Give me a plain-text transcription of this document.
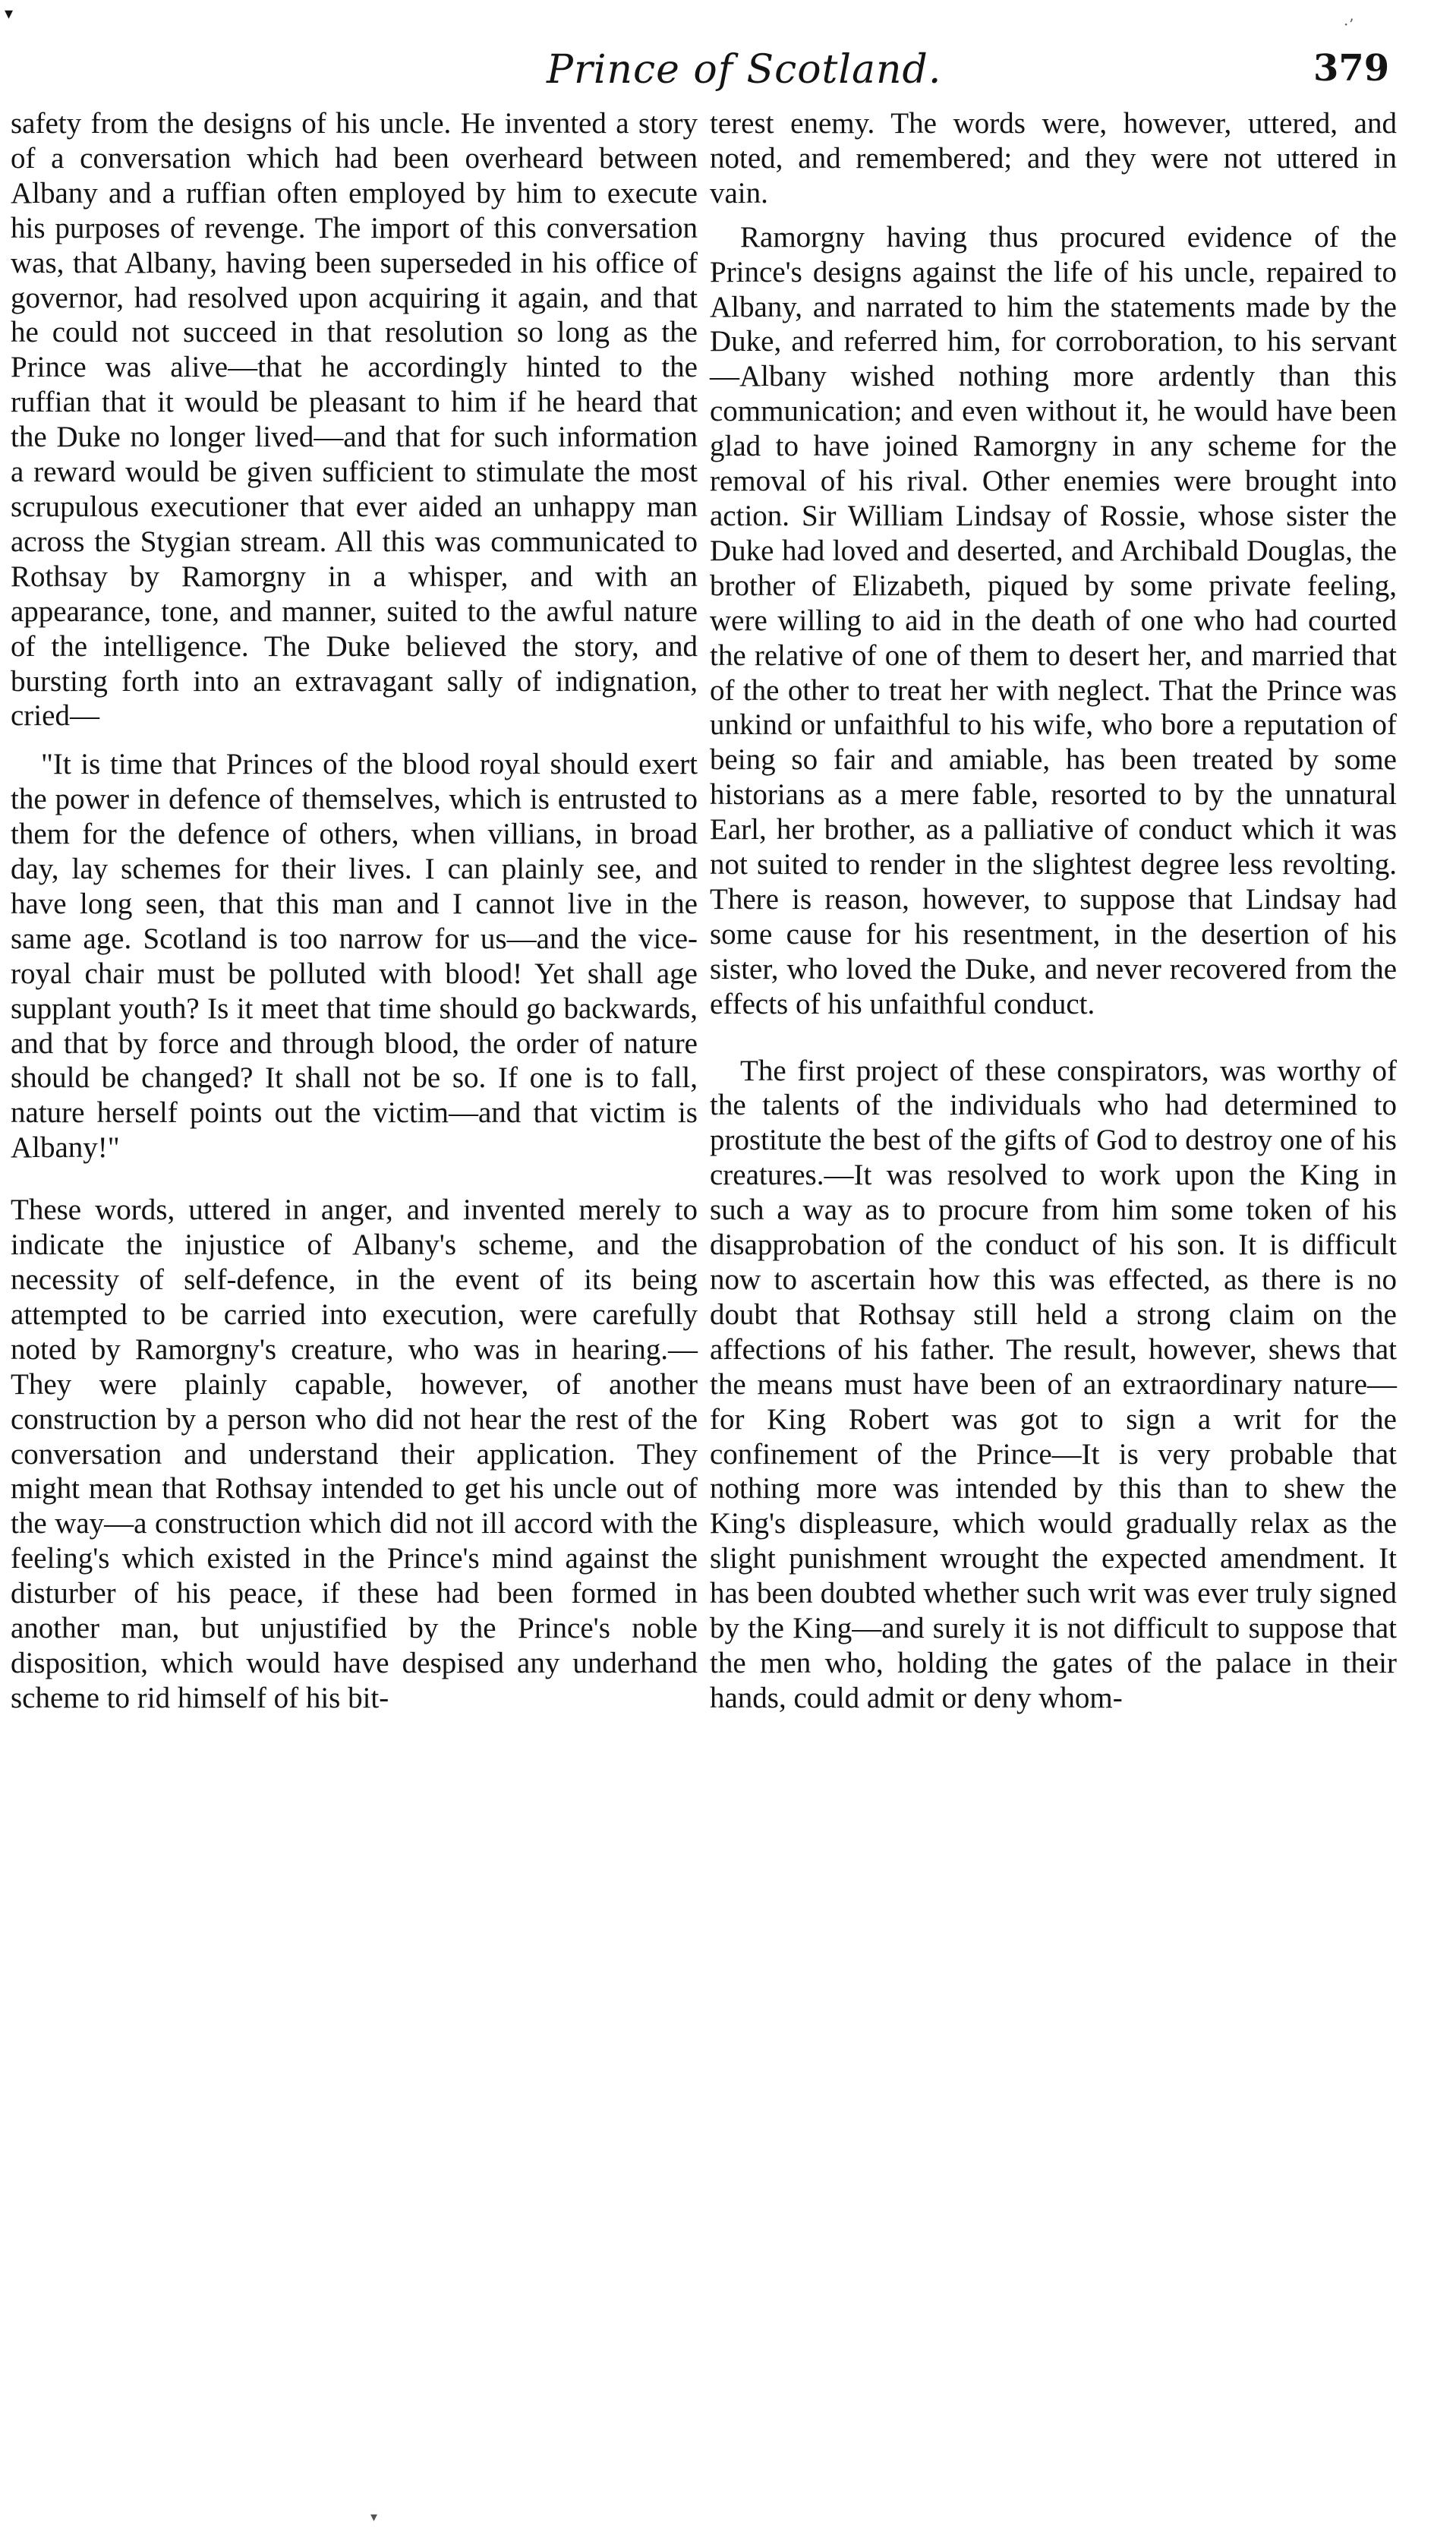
▾
·ʼ
Prince of Scotland.	379

safety from the designs of his uncle. He invented a story of a conversation which had been overheard between Albany and a ruffian often employed by him to execute his purposes of revenge. The import of this conversation was, that Albany, having been superseded in his office of governor, had resolved upon acquiring it again, and that he could not succeed in that resolution so long as the Prince was alive—that he accordingly hinted to the ruffian that it would be pleasant to him if he heard that the Duke no longer lived—and that for such information a reward would be given sufficient to stimulate the most scrupulous executioner that ever aided an unhappy man across the Stygian stream. All this was communicated to Rothsay by Ramorgny in a whisper, and with an appearance, tone, and manner, suited to the awful nature of the intelligence. The Duke believed the story, and bursting forth into an extravagant sally of indignation, cried—

"It is time that Princes of the blood royal should exert the power in defence of themselves, which is entrusted to them for the defence of others, when villians, in broad day, lay schemes for their lives. I can plainly see, and have long seen, that this man and I cannot live in the same age. Scotland is too narrow for us—and the vice-royal chair must be polluted with blood! Yet shall age supplant youth? Is it meet that time should go backwards, and that by force and through blood, the order of nature should be changed? It shall not be so. If one is to fall, nature herself points out the victim—and that victim is Albany!"

These words, uttered in anger, and invented merely to indicate the injustice of Albany's scheme, and the necessity of self-defence, in the event of its being attempted to be carried into execution, were carefully noted by Ramorgny's creature, who was in hearing.—They were plainly capable, however, of another construction by a person who did not hear the rest of the conversation and understand their application. They might mean that Rothsay intended to get his uncle out of the way—a construction which did not ill accord with the feeling's which existed in the Prince's mind against the disturber of his peace, if these had been formed in another man, but unjustified by the Prince's noble disposition, which would have despised any underhand scheme to rid himself of his bit-

terest enemy. The words were, however, uttered, and noted, and remembered; and they were not uttered in vain.

Ramorgny having thus procured evidence of the Prince's designs against the life of his uncle, repaired to Albany, and narrated to him the statements made by the Duke, and referred him, for corroboration, to his servant—Albany wished nothing more ardently than this communication; and even without it, he would have been glad to have joined Ramorgny in any scheme for the removal of his rival. Other enemies were brought into action. Sir William Lindsay of Rossie, whose sister the Duke had loved and deserted, and Archibald Douglas, the brother of Elizabeth, piqued by some private feeling, were willing to aid in the death of one who had courted the relative of one of them to desert her, and married that of the other to treat her with neglect. That the Prince was unkind or unfaithful to his wife, who bore a reputation of being so fair and amiable, has been treated by some historians as a mere fable, resorted to by the unnatural Earl, her brother, as a palliative of conduct which it was not suited to render in the slightest degree less revolting. There is reason, however, to suppose that Lindsay had some cause for his resentment, in the desertion of his sister, who loved the Duke, and never recovered from the effects of his unfaithful conduct.

The first project of these conspirators, was worthy of the talents of the individuals who had determined to prostitute the best of the gifts of God to destroy one of his creatures.—It was resolved to work upon the King in such a way as to procure from him some token of his disapprobation of the conduct of his son. It is difficult now to ascertain how this was effected, as there is no doubt that Rothsay still held a strong claim on the affections of his father. The result, however, shews that the means must have been of an extraordinary nature—for King Robert was got to sign a writ for the confinement of the Prince—It is very probable that nothing more was intended by this than to shew the King's displeasure, which would gradually relax as the slight punishment wrought the expected amendment. It has been doubted whether such writ was ever truly signed by the King—and surely it is not difficult to suppose that the men who, holding the gates of the palace in their hands, could admit or deny whom-

▾
